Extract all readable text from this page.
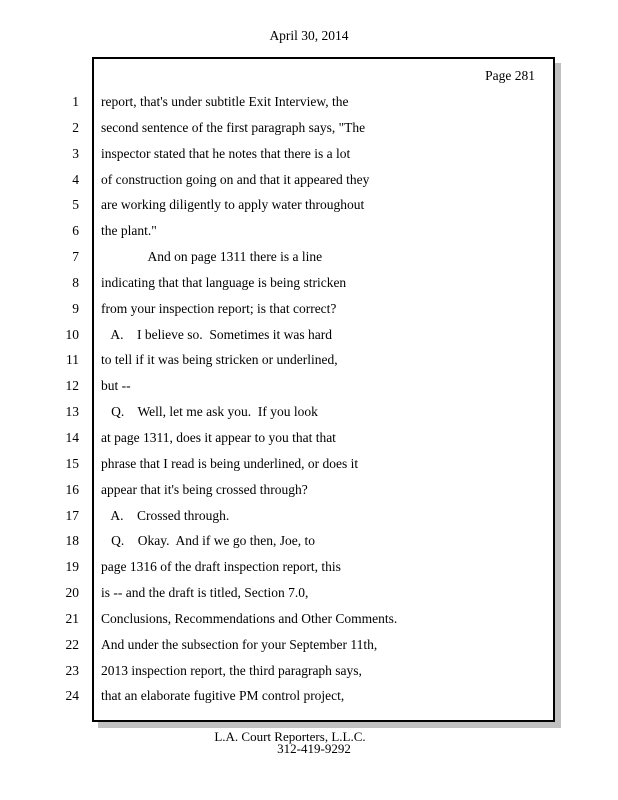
April 30, 2014
Page 281
1	report, that's under subtitle Exit Interview, the
2	second sentence of the first paragraph says, "The
3	inspector stated that he notes that there is a lot
4	of construction going on and that it appeared they
5	are working diligently to apply water throughout
6	the plant."
7	And on page 1311 there is a line
8	indicating that that language is being stricken
9	from your inspection report; is that correct?
10	A.    I believe so.  Sometimes it was hard
11	to tell if it was being stricken or underlined,
12	but --
13	Q.    Well, let me ask you.  If you look
14	at page 1311, does it appear to you that that
15	phrase that I read is being underlined, or does it
16	appear that it's being crossed through?
17	A.    Crossed through.
18	Q.    Okay.  And if we go then, Joe, to
19	page 1316 of the draft inspection report, this
20	is -- and the draft is titled, Section 7.0,
21	Conclusions, Recommendations and Other Comments.
22	And under the subsection for your September 11th,
23	2013 inspection report, the third paragraph says,
24	that an elaborate fugitive PM control project,
L.A. Court Reporters, L.L.C.
312-419-9292
